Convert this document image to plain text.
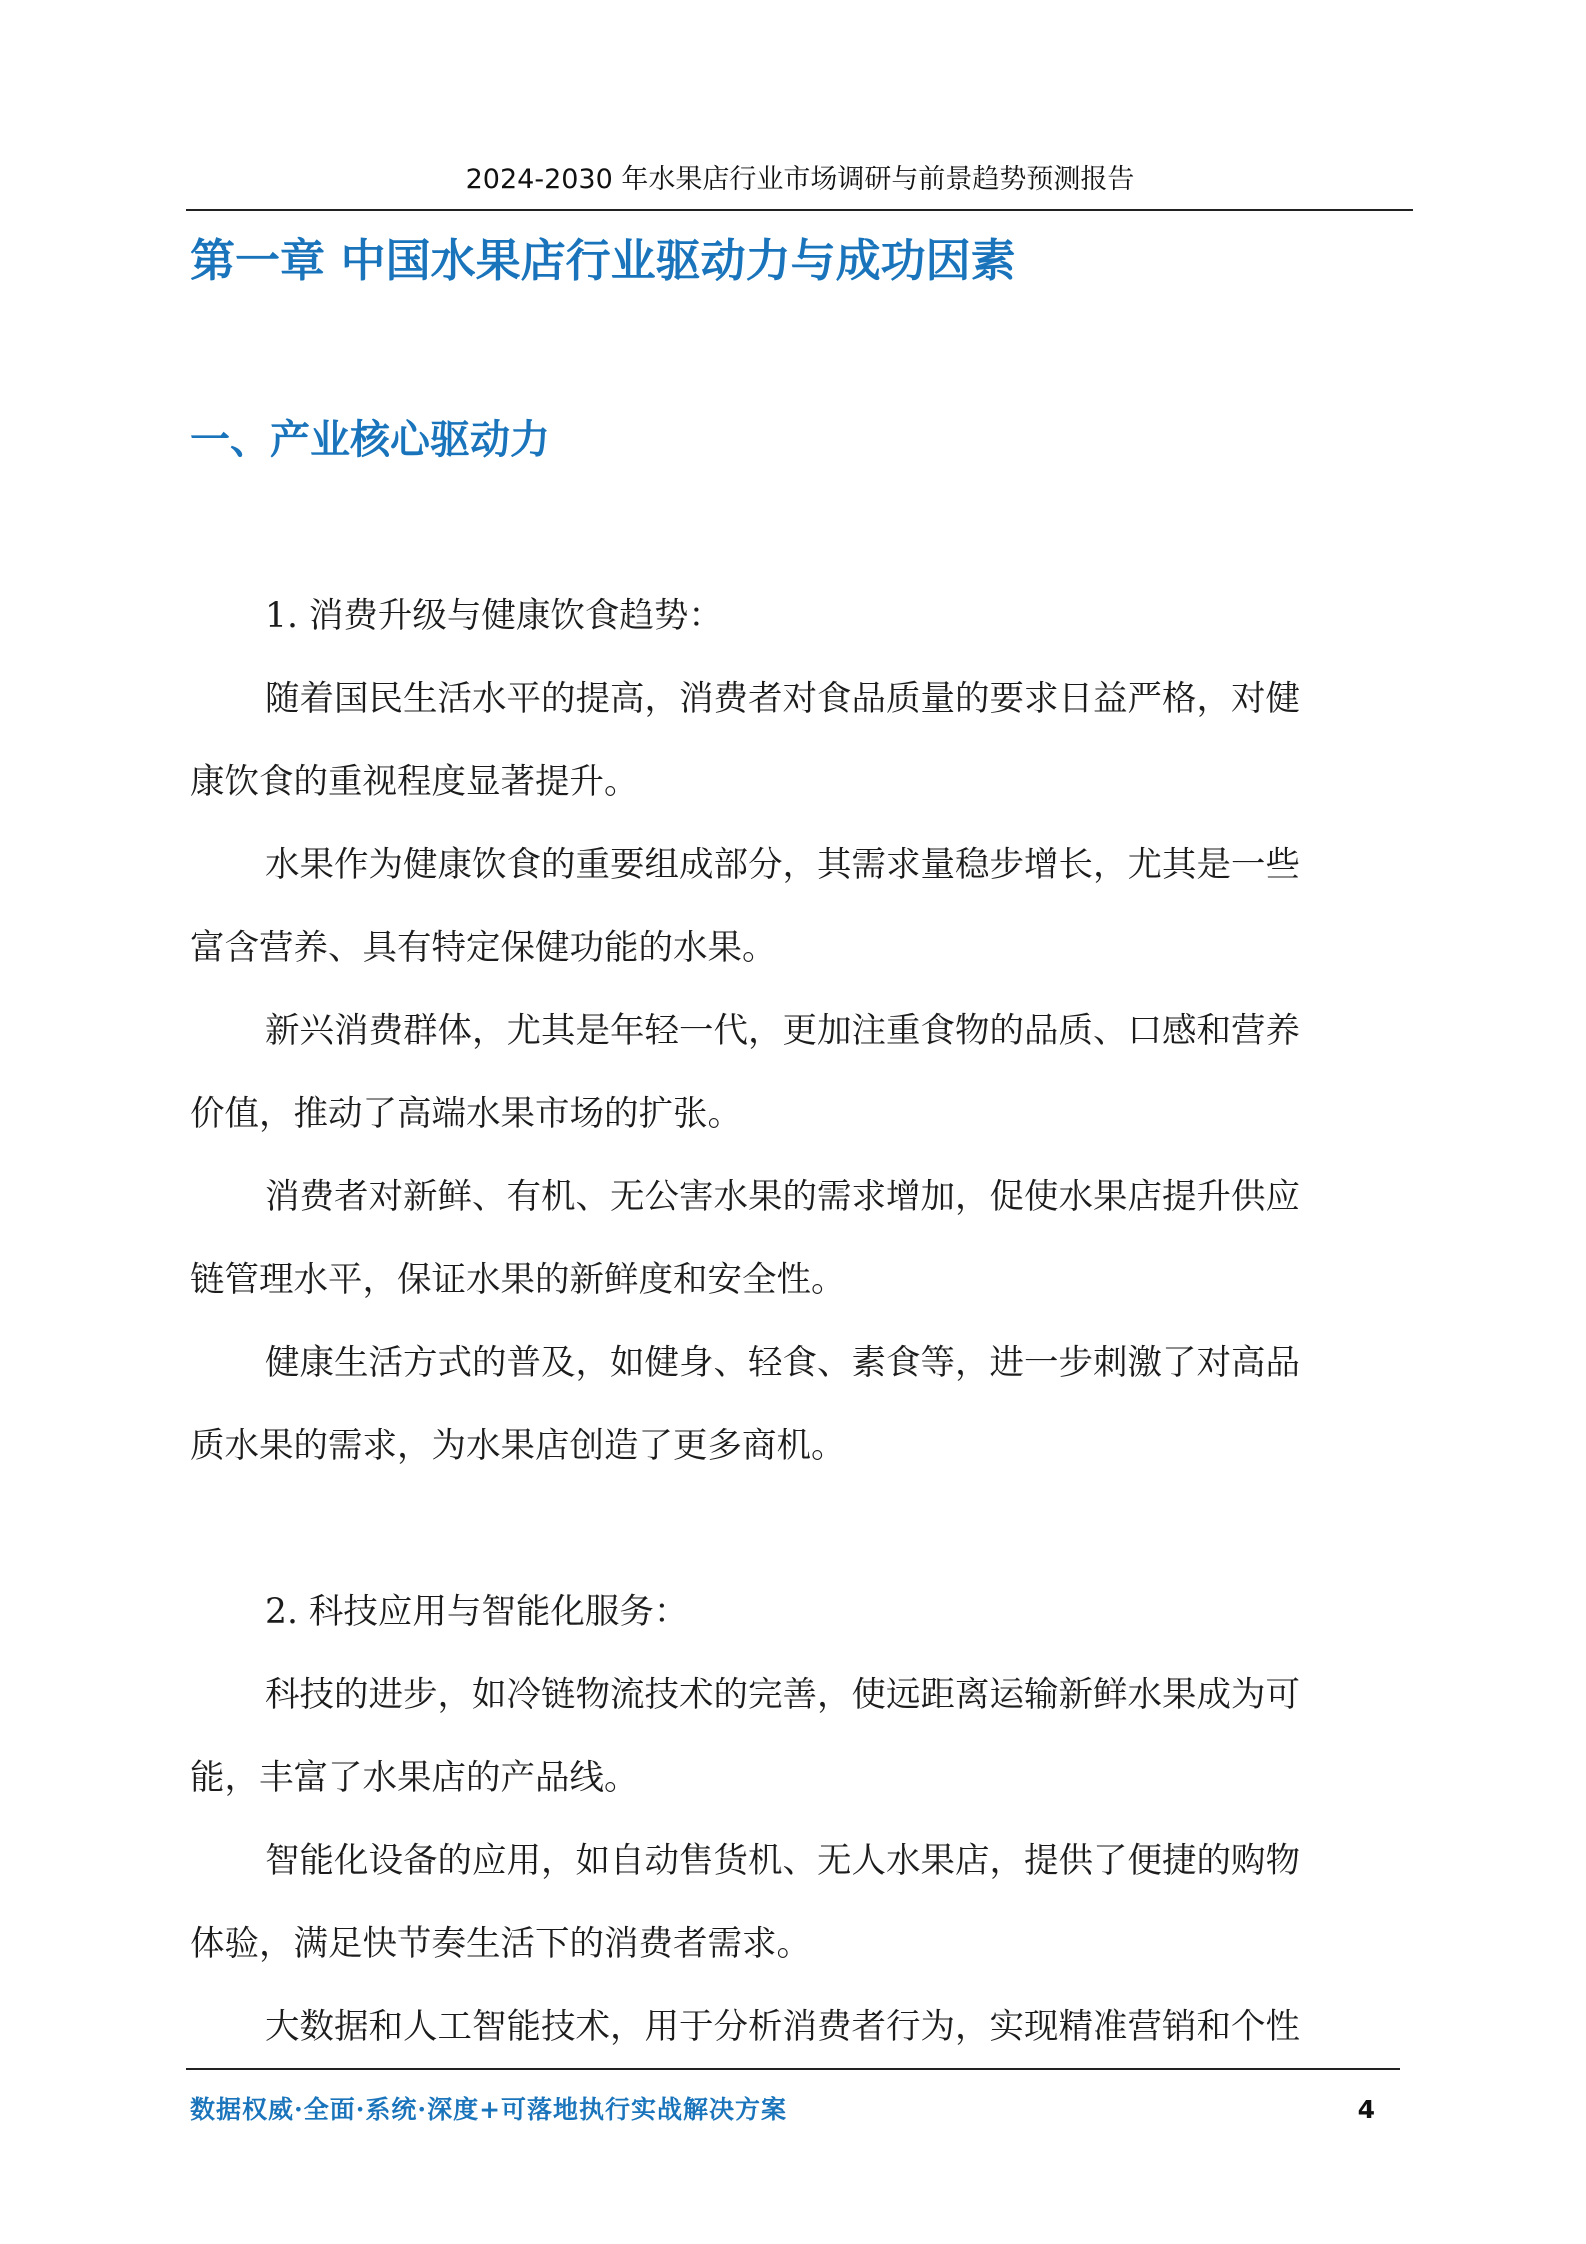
2024-2030 年水果店行业市场调研与前景趋势预测报告
第一章 中国水果店行业驱动力与成功因素
一、产业核心驱动力
1. 消费升级与健康饮食趋势：
随着国民生活水平的提高，消费者对食品质量的要求日益严格，对健
康饮食的重视程度显著提升。
水果作为健康饮食的重要组成部分，其需求量稳步增长，尤其是一些
富含营养、具有特定保健功能的水果。
新兴消费群体，尤其是年轻一代，更加注重食物的品质、口感和营养
价值，推动了高端水果市场的扩张。
消费者对新鲜、有机、无公害水果的需求增加，促使水果店提升供应
链管理水平，保证水果的新鲜度和安全性。
健康生活方式的普及，如健身、轻食、素食等，进一步刺激了对高品
质水果的需求，为水果店创造了更多商机。
2. 科技应用与智能化服务：
科技的进步，如冷链物流技术的完善，使远距离运输新鲜水果成为可
能，丰富了水果店的产品线。
智能化设备的应用，如自动售货机、无人水果店，提供了便捷的购物
体验，满足快节奏生活下的消费者需求。
大数据和人工智能技术，用于分析消费者行为，实现精准营销和个性
数据权威·全面·系统·深度+可落地执行实战解决方案	4
